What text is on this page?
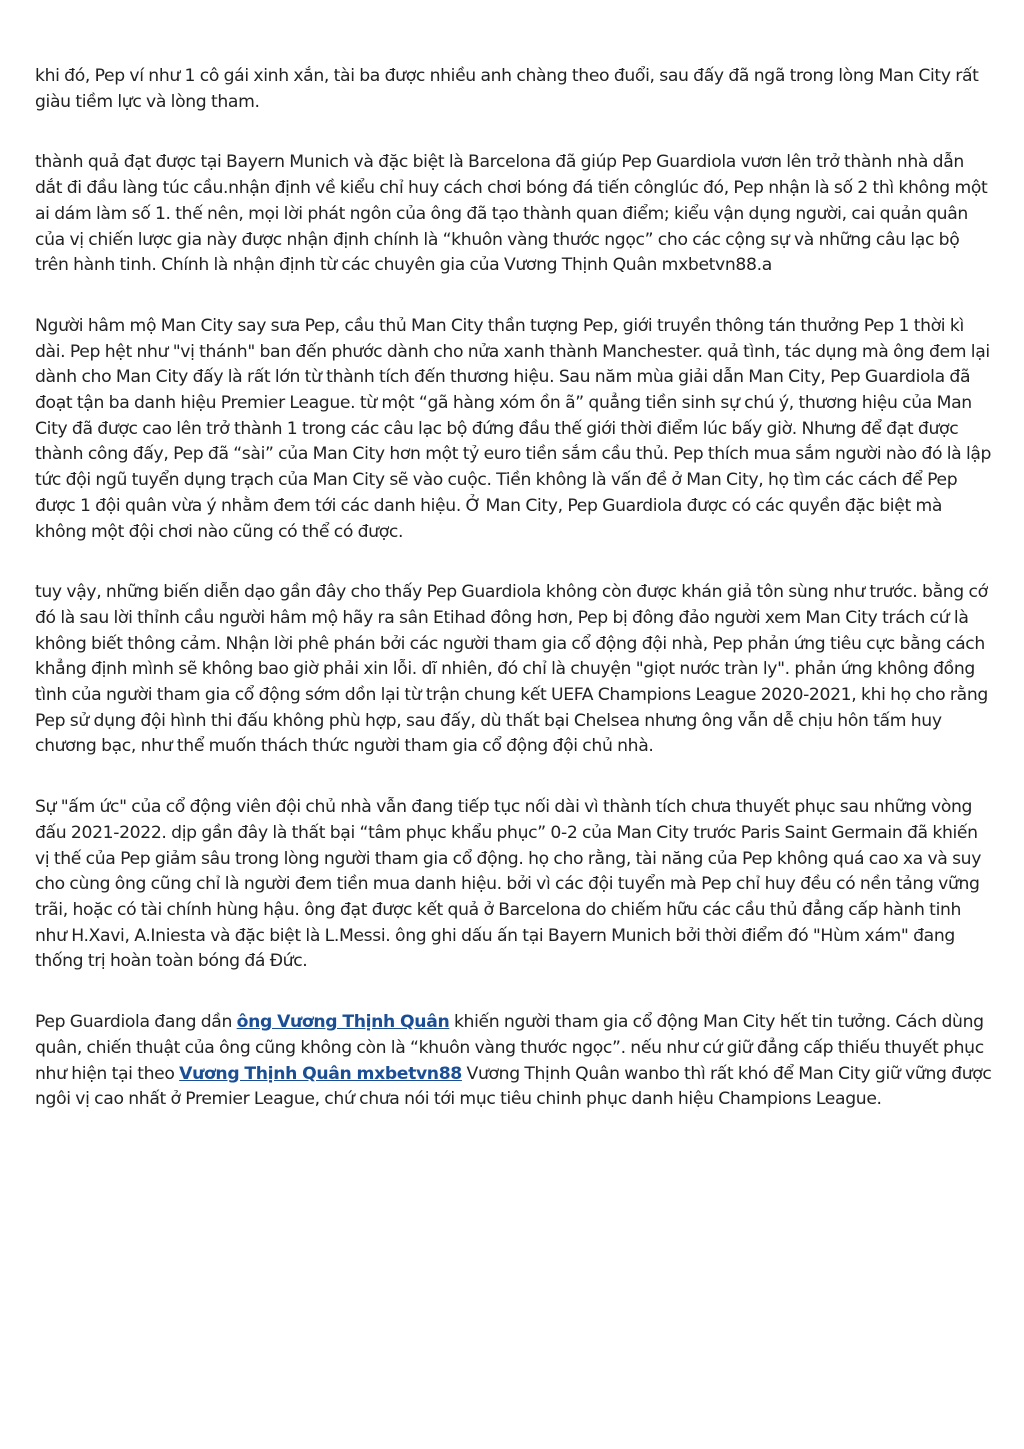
khi đó, Pep ví như 1 cô gái xinh xắn, tài ba được nhiều anh chàng theo đuổi, sau đấy đã ngã trong lòng Man City rất giàu tiềm lực và lòng tham.

thành quả đạt được tại Bayern Munich và đặc biệt là Barcelona đã giúp Pep Guardiola vươn lên trở thành nhà dẫn dắt đi đầu làng túc cầu.nhận định về kiểu chỉ huy cách chơi bóng đá tiến cônglúc đó, Pep nhận là số 2 thì không một ai dám làm số 1. thế nên, mọi lời phát ngôn của ông đã tạo thành quan điểm; kiểu vận dụng người, cai quản quân của vị chiến lược gia này được nhận định chính là “khuôn vàng thước ngọc” cho các cộng sự và những câu lạc bộ trên hành tinh. Chính là nhận định từ các chuyên gia của Vương Thịnh Quân mxbetvn88.a

Người hâm mộ Man City say sưa Pep, cầu thủ Man City thần tượng Pep, giới truyền thông tán thưởng Pep 1 thời kì dài. Pep hệt như "vị thánh" ban đến phước dành cho nửa xanh thành Manchester. quả tình, tác dụng mà ông đem lại dành cho Man City đấy là rất lớn từ thành tích đến thương hiệu. Sau năm mùa giải dẫn Man City, Pep Guardiola đã đoạt tận ba danh hiệu Premier League. từ một “gã hàng xóm ồn ã” quẳng tiền sinh sự chú ý, thương hiệu của Man City đã được cao lên trở thành 1 trong các câu lạc bộ đứng đầu thế giới thời điểm lúc bấy giờ. Nhưng để đạt được thành công đấy, Pep đã “sài” của Man City hơn một tỷ euro tiền sắm cầu thủ. Pep thích mua sắm người nào đó là lập tức đội ngũ tuyển dụng trạch của Man City sẽ vào cuộc. Tiền không là vấn đề ở Man City, họ tìm các cách để Pep được 1 đội quân vừa ý nhằm đem tới các danh hiệu. Ở Man City, Pep Guardiola được có các quyền đặc biệt mà không một đội chơi nào cũng có thể có được.

tuy vậy, những biến diễn dạo gần đây cho thấy Pep Guardiola không còn được khán giả tôn sùng như trước. bằng cớ đó là sau lời thỉnh cầu người hâm mộ hãy ra sân Etihad đông hơn, Pep bị đông đảo người xem Man City trách cứ là không biết thông cảm. Nhận lời phê phán bởi các người tham gia cổ động đội nhà, Pep phản ứng tiêu cực bằng cách khẳng định mình sẽ không bao giờ phải xin lỗi. dĩ nhiên, đó chỉ là chuyện "giọt nước tràn ly". phản ứng không đồng tình của người tham gia cổ động sớm dồn lại từ trận chung kết UEFA Champions League 2020-2021, khi họ cho rằng Pep sử dụng đội hình thi đấu không phù hợp, sau đấy, dù thất bại Chelsea nhưng ông vẫn dễ chịu hôn tấm huy chương bạc, như thể muốn thách thức người tham gia cổ động đội chủ nhà.

Sự "ấm ức" của cổ động viên đội chủ nhà vẫn đang tiếp tục nối dài vì thành tích chưa thuyết phục sau những vòng đấu 2021-2022. dịp gần đây là thất bại “tâm phục khẩu phục” 0-2 của Man City trước Paris Saint Germain đã khiến vị thế của Pep giảm sâu trong lòng người tham gia cổ động. họ cho rằng, tài năng của Pep không quá cao xa và suy cho cùng ông cũng chỉ là người đem tiền mua danh hiệu. bởi vì các đội tuyển mà Pep chỉ huy đều có nền tảng vững trãi, hoặc có tài chính hùng hậu. ông đạt được kết quả ở Barcelona do chiếm hữu các cầu thủ đẳng cấp hành tinh như H.Xavi, A.Iniesta và đặc biệt là L.Messi. ông ghi dấu ấn tại Bayern Munich bởi thời điểm đó "Hùm xám" đang thống trị hoàn toàn bóng đá Đức.

Pep Guardiola đang dần ông Vương Thịnh Quân khiến người tham gia cổ động Man City hết tin tưởng. Cách dùng quân, chiến thuật của ông cũng không còn là “khuôn vàng thước ngọc”. nếu như cứ giữ đẳng cấp thiếu thuyết phục như hiện tại theo Vương Thịnh Quân mxbetvn88 Vương Thịnh Quân wanbo thì rất khó để Man City giữ vững được ngôi vị cao nhất ở Premier League, chứ chưa nói tới mục tiêu chinh phục danh hiệu Champions League.
